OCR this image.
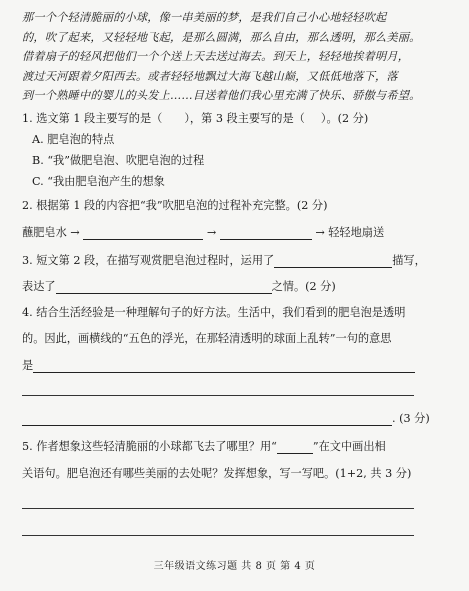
那一个个轻清脆丽的小球，像一串美丽的梦，是我们自己小心地轻轻吹起
的，吹了起来，又轻轻地飞起，是那么圆满，那么自由，那么透明，那么美丽。
借着扇子的轻风把他们一个个送上天去送过海去。到天上，轻轻地挨着明月，
渡过天河跟着夕阳西去。或者轻轻地飘过大海飞越山巅，又低低地落下，落
到一个熟睡中的婴儿的头发上……目送着他们我心里充满了快乐、骄傲与希望。
1. 选文第 1 段主要写的是（ ），第 3 段主要写的是（ ）。(2 分)
A. 肥皂泡的特点
B. “我”做肥皂泡、吹肥皂泡的过程
C. “我由肥皂泡产生的想象
2. 根据第 1 段的内容把“我”吹肥皂泡的过程补充完整。(2 分)
蘸肥皂水 →	→	→ 轻轻地扇送
3. 短文第 2 段，在描写观赏肥皂泡过程时，运用了	描写，
表达了	之情。(2 分)
4. 结合生活经验是一种理解句子的好方法。生活中，我们看到的肥皂泡是透明
的。因此，画横线的“五色的浮光，在那轻清透明的球面上乱转”一句的意思
是
. (3 分)
5. 作者想象这些轻清脆丽的小球都飞去了哪里？用“	”在文中画出相
关语句。肥皂泡还有哪些美丽的去处呢？发挥想象，写一写吧。(1+2, 共 3 分)
三年级语文练习题 共 8 页 第 4 页
